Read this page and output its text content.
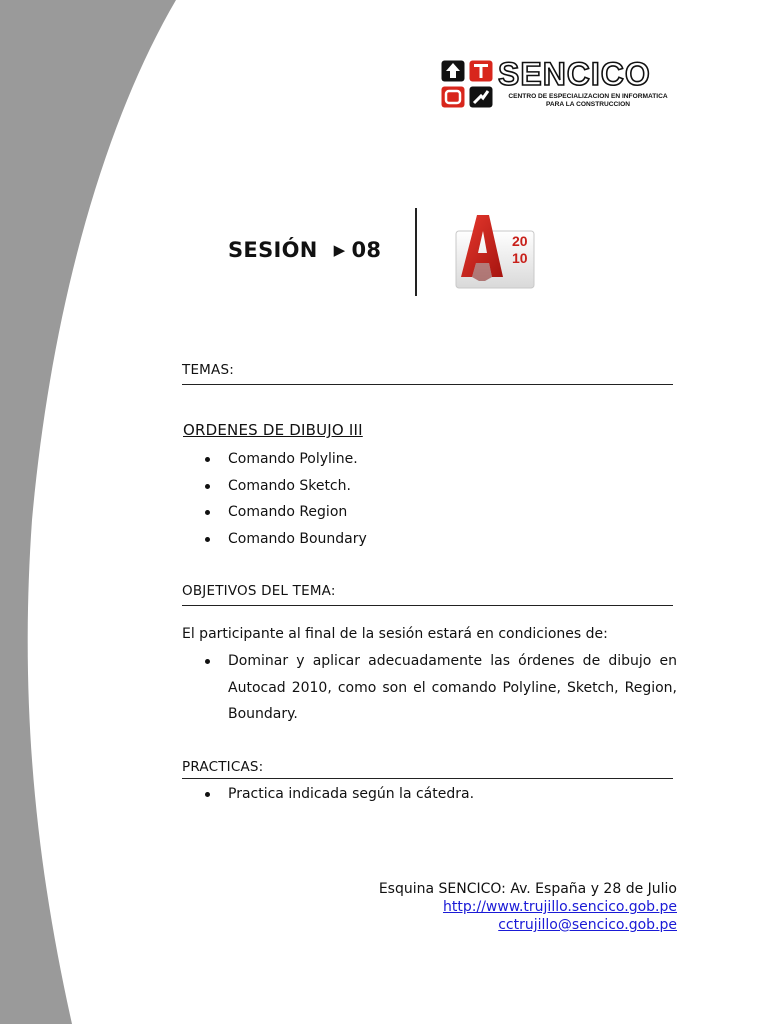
SENCICO
CENTRO DE ESPECIALIZACION EN INFORMATICA
PARA LA CONSTRUCCION
SESIÓN ▶ 08	20
10
TEMAS:
ORDENES DE DIBUJO III
Comando Polyline.
Comando Sketch.
Comando Region
Comando Boundary
OBJETIVOS DEL TEMA:
El participante al final de la sesión estará en condiciones de:
Dominar y aplicar adecuadamente las órdenes de dibujo en Autocad 2010, como son el comando Polyline, Sketch, Region, Boundary.
PRACTICAS:
Practica indicada según la cátedra.
Esquina SENCICO: Av. España y 28 de Julio
http://www.trujillo.sencico.gob.pe
cctrujillo@sencico.gob.pe
